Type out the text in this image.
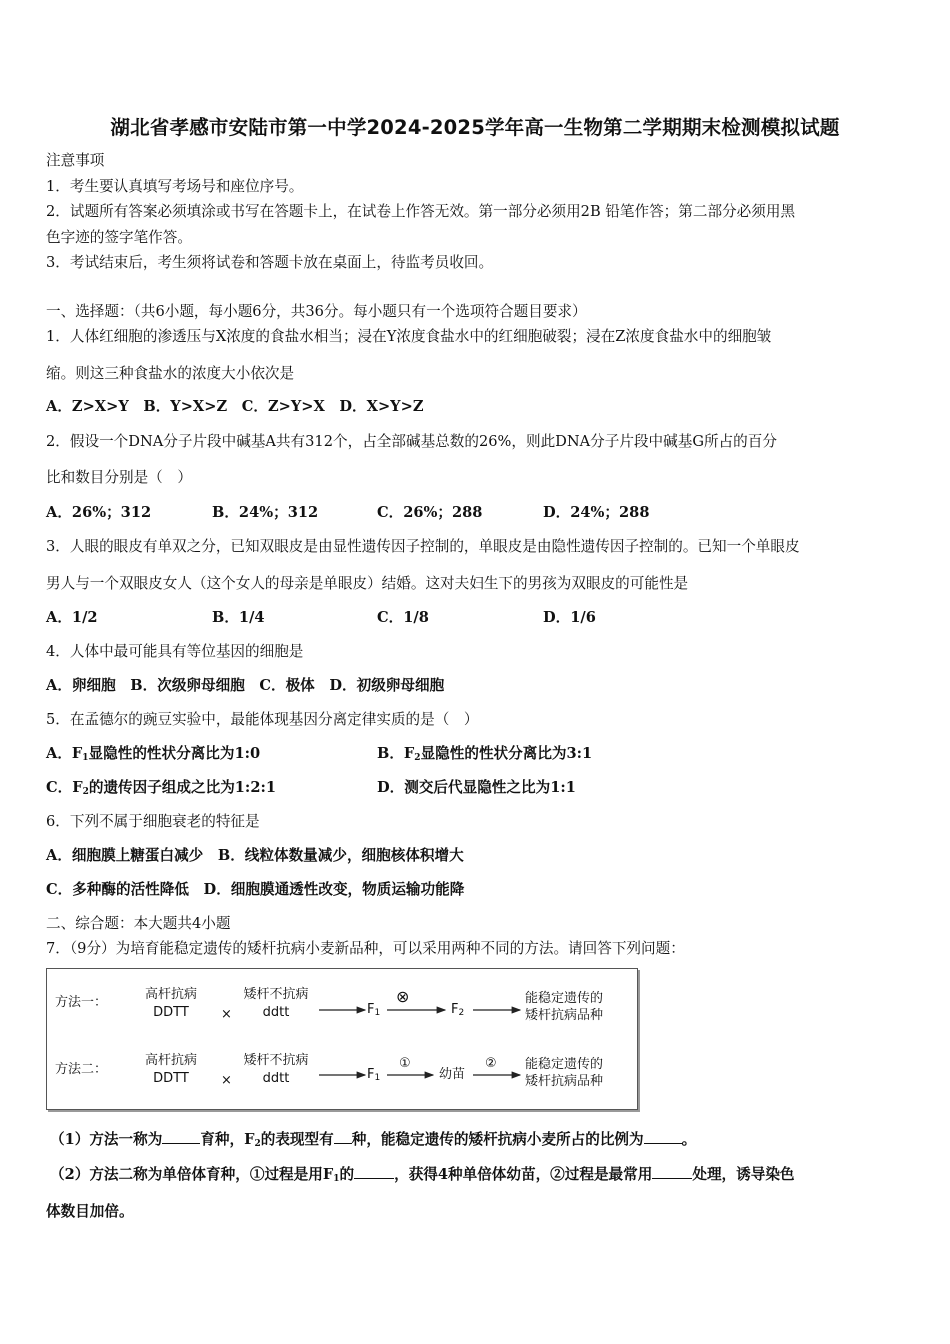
湖北省孝感市安陆市第一中学2024-2025学年高一生物第二学期期末检测模拟试题
注意事项
1．考生要认真填写考场号和座位序号。
2．试题所有答案必须填涂或书写在答题卡上，在试卷上作答无效。第一部分必须用2B 铅笔作答；第二部分必须用黑
色字迹的签字笔作答。
3．考试结束后，考生须将试卷和答题卡放在桌面上，待监考员收回。
一、选择题：（共6小题，每小题6分，共36分。每小题只有一个选项符合题目要求）
1．人体红细胞的渗透压与X浓度的食盐水相当；浸在Y浓度食盐水中的红细胞破裂；浸在Z浓度食盐水中的细胞皱
缩。则这三种食盐水的浓度大小依次是
A．Z>X>Y　B．Y>X>Z　C．Z>Y>X　D．X>Y>Z
2．假设一个DNA分子片段中碱基A共有312个，占全部碱基总数的26%，则此DNA分子片段中碱基G所占的百分
比和数目分别是（　）
A．26%；312	B．24%；312	C．26%；288	D．24%；288
3．人眼的眼皮有单双之分，已知双眼皮是由显性遗传因子控制的，单眼皮是由隐性遗传因子控制的。已知一个单眼皮
男人与一个双眼皮女人（这个女人的母亲是单眼皮）结婚。这对夫妇生下的男孩为双眼皮的可能性是
A．1/2	B．1/4	C．1/8	D．1/6
4．人体中最可能具有等位基因的细胞是
A．卵细胞　B．次级卵母细胞　C．极体　D．初级卵母细胞
5．在孟德尔的豌豆实验中，最能体现基因分离定律实质的是（　）
A．$F_1$显隐性的性状分离比为1:0	B．$F_2$显隐性的性状分离比为3:1
C．$F_2$的遗传因子组成之比为1:2:1	D．测交后代显隐性之比为1:1
6．下列不属于细胞衰老的特征是
A．细胞膜上糖蛋白减少　B．线粒体数量减少，细胞核体积增大
C．多种酶的活性降低　D．细胞膜通透性改变，物质运输功能降
二、综合题：本大题共4小题
7．（9分）为培育能稳定遗传的矮杆抗病小麦新品种，可以采用两种不同的方法。请回答下列问题：
方法一：
高杆抗病
DDTT	×
矮杆不抗病
ddtt	$F_1$
⊗
$F_2$
能稳定遗传的
矮杆抗病品种
方法二：
高杆抗病
DDTT	×
矮杆不抗病
ddtt	$F_1$
①
幼苗
② 能稳定遗传的
矮杆抗病品种
（1）方法一称为	育种，$F_2$的表现型有 种，能稳定遗传的矮杆抗病小麦所占的比例为	。
（2）方法二称为单倍体育种，①过程是用$F_1$的	，获得4种单倍体幼苗，②过程是最常用	处理，诱导染色
体数目加倍。
